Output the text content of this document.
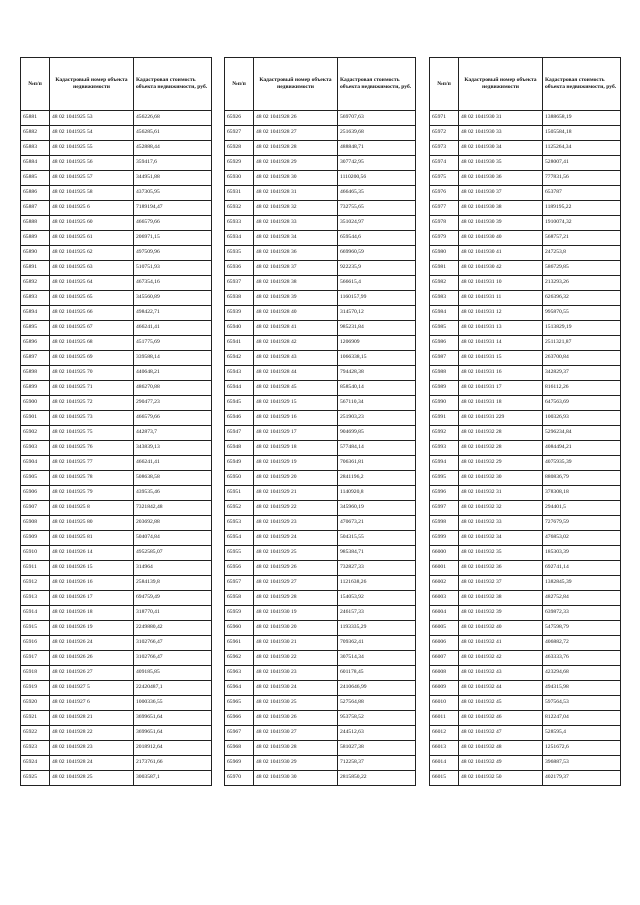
№п/п	Кадастровый номер объекта недвижимости	Кадастровая стоимость объекта недвижимости, руб.
65881	48 02 1041925 53	456226,68
65882	48 02 1041925 54	456285,61
65883	48 02 1041925 55	452888,44
65884	48 02 1041925 56	359417,6
65885	48 02 1041925 57	344951,88
65886	48 02 1041925 58	437305,95
65887	48 02 1041925 6	7189194,47
65888	48 02 1041925 60	466579,66
65889	48 02 1041925 61	206971,15
65890	48 02 1041925 62	497509,96
65891	48 02 1041925 63	510751,93
65892	48 02 1041925 64	467354,16
65893	48 02 1041925 65	345560,89
65894	48 02 1041925 66	498422,71
65895	48 02 1041925 67	466241,41
65896	48 02 1041925 68	451775,69
65897	48 02 1041925 69	339588,14
65898	48 02 1041925 70	440648,21
65899	48 02 1041925 71	486270,88
65900	48 02 1041925 72	290477,23
65901	48 02 1041925 73	466579,66
65902	48 02 1041925 75	442873,7
65903	48 02 1041925 76	343839,13
65904	48 02 1041925 77	466241,41
65905	48 02 1041925 78	508638,58
65906	48 02 1041925 79	439535,46
65907	48 02 1041925 8	7321842,48
65908	48 02 1041925 80	203692,88
65909	48 02 1041925 81	504074,84
65910	48 02 1041926 14	4952585,07
65911	48 02 1041926 15	314964
65912	48 02 1041926 16	2584139,8
65913	48 02 1041926 17	694759,49
65914	48 02 1041926 18	318770,41
65915	48 02 1041926 19	2249880,42
65916	48 02 1041926 24	3102766,47
65917	48 02 1041926 26	3102766,47
65918	48 02 1041926 27	409185,85
65919	48 02 1041927 5	22420487,1
65920	48 02 1041927 6	1000336,55
65921	48 02 1041928 21	3699651,64
65922	48 02 1041928 22	3699651,64
65923	48 02 1041928 23	2018912,64
65924	48 02 1041928 24	2173761,66
65925	48 02 1041928 25	3003587,1
№п/п	Кадастровый номер объекта недвижимости	Кадастровая стоимость объекта недвижимости, руб.
65926	48 02 1041928 26	569707,63
65927	48 02 1041928 27	251639,68
65928	48 02 1041928 28	488848,71
65929	48 02 1041928 29	307742,95
65930	48 02 1041928 30	1110200,56
65931	48 02 1041928 31	466465,35
65932	48 02 1041928 32	732755,65
65933	48 02 1041928 33	351024,97
65934	48 02 1041928 34	659544,6
65935	48 02 1041928 36	669960,59
65936	48 02 1041928 37	922235,9
65937	48 02 1041928 38	566615,4
65938	48 02 1041928 39	1160157,99
65939	48 02 1041928 40	314570,12
65940	48 02 1041928 41	985231,84
65941	48 02 1041928 42	1206909
65942	48 02 1041928 43	1066338,15
65943	48 02 1041928 44	794428,38
65944	48 02 1041928 45	858540,14
65945	48 02 1041929 15	567110,34
65946	48 02 1041929 16	251903,23
65947	48 02 1041929 17	904699,85
65948	48 02 1041929 18	577484,14
65949	48 02 1041929 19	706361,81
65950	48 02 1041929 20	2841196,2
65951	48 02 1041929 21	1140920,8
65952	48 02 1041929 22	345960,19
65953	48 02 1041929 23	470673,21
65954	48 02 1041929 24	504315,55
65955	48 02 1041929 25	985384,71
65956	48 02 1041929 26	732827,33
65957	48 02 1041929 27	1121638,26
65958	48 02 1041929 28	154053,92
65959	48 02 1041930 19	246157,33
65960	48 02 1041930 20	1193335,29
65961	48 02 1041930 21	709362,41
65962	48 02 1041930 22	307514,34
65963	48 02 1041930 23	601178,45
65964	48 02 1041930 24	2410646,99
65965	48 02 1041930 25	527564,88
65966	48 02 1041930 26	953758,52
65967	48 02 1041930 27	244512,63
65968	48 02 1041930 28	581027,38
65969	48 02 1041930 29	712258,37
65970	48 02 1041930 30	2815850,22
№п/п	Кадастровый номер объекта недвижимости	Кадастровая стоимость объекта недвижимости, руб.
65971	48 02 1041930 31	1388658,19
65972	48 02 1041930 33	1505584,18
65973	48 02 1041930 34	1125264,34
65974	48 02 1041930 35	528007,41
65975	48 02 1041930 36	777831,56
65976	48 02 1041930 37	653787
65977	48 02 1041930 38	1189195,22
65978	48 02 1041930 39	1910074,32
65979	48 02 1041930 40	568757,21
65980	48 02 1041930 41	247253,8
65981	48 02 1041930 42	586729,85
65982	48 02 1041931 10	213293,26
65983	48 02 1041931 11	626396,32
65984	48 02 1041931 12	995870,55
65985	48 02 1041931 13	1513829,19
65986	48 02 1041931 14	2511321,87
65987	48 02 1041931 15	263700,84
65988	48 02 1041931 16	342829,37
65989	48 02 1041931 17	816112,26
65990	48 02 1041931 18	647563,69
65991	48 02 1041931 229	100326,93
65992	48 02 1041932 28	5296234,84
65993	48 02 1041932 28	4084494,21
65994	48 02 1041932 29	4075935,39
65995	48 02 1041932 30	880836,79
65996	48 02 1041932 31	378308,18
65997	48 02 1041932 32	294401,5
65998	48 02 1041932 33	727679,59
65999	48 02 1041932 34	476853,02
66000	48 02 1041932 35	185303,39
66001	48 02 1041932 36	692741,14
66002	48 02 1041932 37	1382845,39
66003	48 02 1041932 38	482752,84
66004	48 02 1041932 39	639872,33
66005	48 02 1041932 40	547598,79
66006	48 02 1041932 41	406882,72
66007	48 02 1041932 42	463333,76
66008	48 02 1041932 43	423294,68
66009	48 02 1041932 44	494315,98
66010	48 02 1041932 45	597564,53
66011	48 02 1041932 46	812247,04
66012	48 02 1041932 47	528595,4
66013	48 02 1041932 48	1251672,6
66014	48 02 1041932 49	396887,53
66015	48 02 1041932 50	402179,37
